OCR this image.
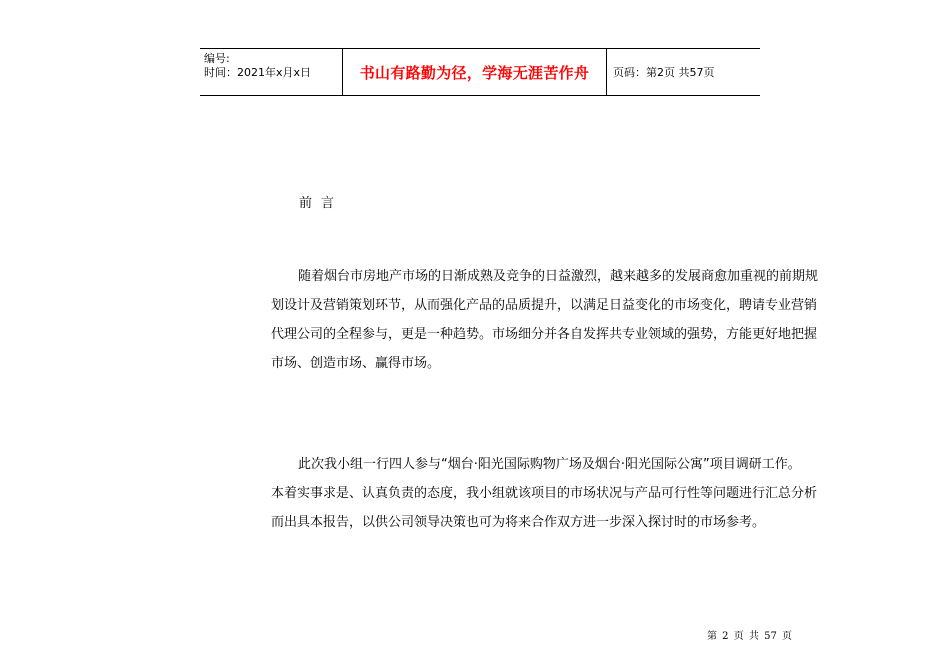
编号:
时间：2021年x月x日	书山有路勤为径，学海无涯苦作舟	页码：第2页 共57页
前言

随着烟台市房地产市场的日渐成熟及竞争的日益激烈，越来越多的发展商愈加重视的前期规
划设计及营销策划环节，从而强化产品的品质提升，以满足日益变化的市场变化，聘请专业营销
代理公司的全程参与，更是一种趋势。市场细分并各自发挥共专业领域的强势，方能更好地把握
市场、创造市场、赢得市场。

此次我小组一行四人参与“烟台·阳光国际购物广场及烟台·阳光国际公寓”项目调研工作。
本着实事求是、认真负责的态度，我小组就该项目的市场状况与产品可行性等问题进行汇总分析
而出具本报告，以供公司领导决策也可为将来合作双方进一步深入探讨时的市场参考。

第 2 页 共 57 页
